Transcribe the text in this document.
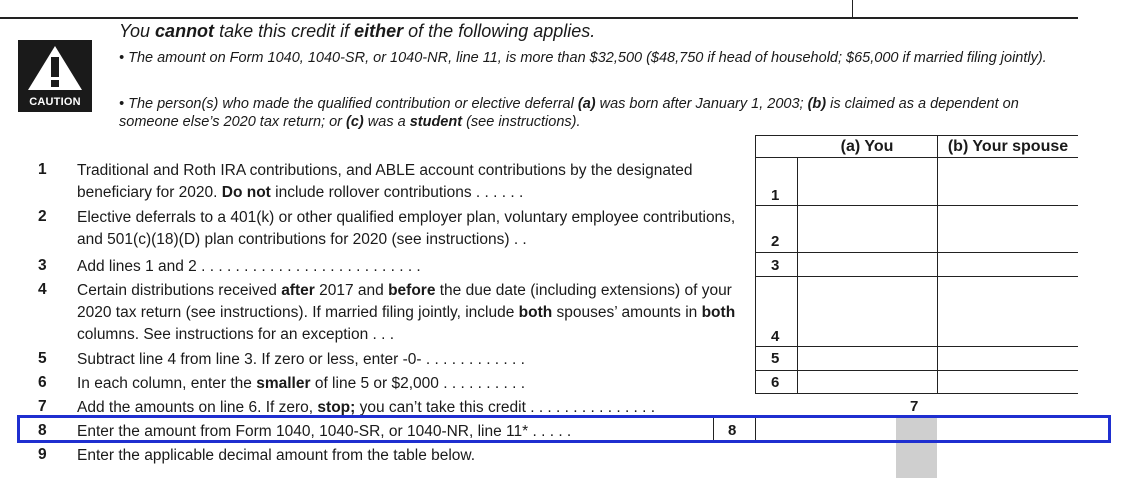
CAUTION
You cannot take this credit if either of the following applies.
• The amount on Form 1040, 1040-SR, or 1040-NR, line 11, is more than $32,500 ($48,750 if head of household; $65,000 if married filing jointly).
• The person(s) who made the qualified contribution or elective deferral (a) was born after January 1, 2003; (b) is claimed as a dependent on someone else’s 2020 tax return; or (c) was a student (see instructions).
(a) You	(b) Your spouse
1 Traditional and Roth IRA contributions, and ABLE account contributions by the designated beneficiary for 2020. Do not include rollover contributions . . . . . .	1
2 Elective deferrals to a 401(k) or other qualified employer plan, voluntary employee contributions, and 501(c)(18)(D) plan contributions for 2020 (see instructions) . .	2
3 Add lines 1 and 2 . . . . . . . . . . . . . . . . . . . . . . . . . .	3
4 Certain distributions received after 2017 and before the due date (including extensions) of your 2020 tax return (see instructions). If married filing jointly, include both spouses’ amounts in both columns. See instructions for an exception . . .	4
5 Subtract line 4 from line 3. If zero or less, enter -0- . . . . . . . . . . . .	5
6 In each column, enter the smaller of line 5 or $2,000 . . . . . . . . . .	6
7 Add the amounts on line 6. If zero, stop; you can’t take this credit . . . . . . . . . . . . . . .	7
8 Enter the amount from Form 1040, 1040-SR, or 1040-NR, line 11* . . . . .	8
9 Enter the applicable decimal amount from the table below.
